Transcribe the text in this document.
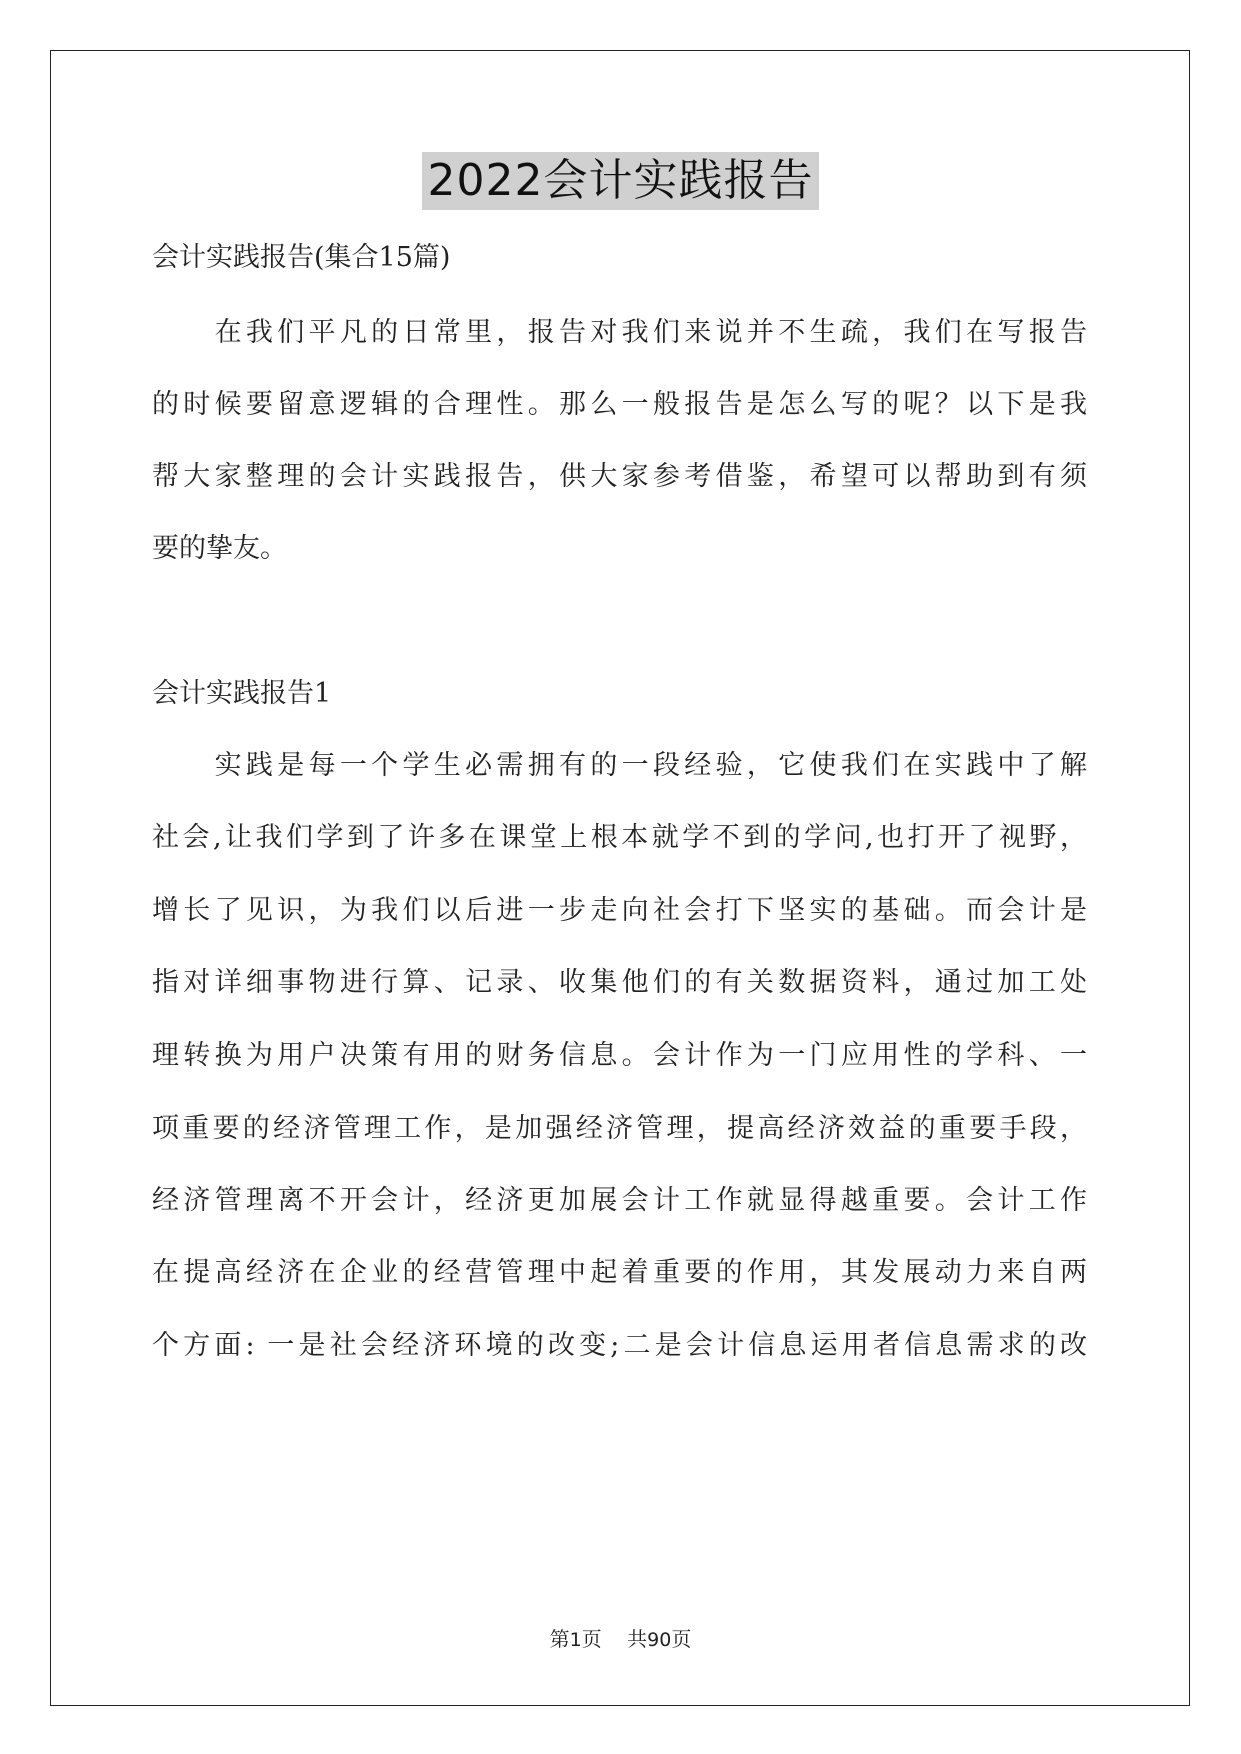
2022会计实践报告
会计实践报告(集合15篇)
　　在我们平凡的日常里，报告对我们来说并不生疏，我们在写报告
的时候要留意逻辑的合理性。那么一般报告是怎么写的呢？以下是我
帮大家整理的会计实践报告，供大家参考借鉴，希望可以帮助到有须
要的挚友。
会计实践报告1
　　实践是每一个学生必需拥有的一段经验，它使我们在实践中了解
社会,让我们学到了许多在课堂上根本就学不到的学问,也打开了视野，
增长了见识，为我们以后进一步走向社会打下坚实的基础。而会计是
指对详细事物进行算、记录、收集他们的有关数据资料，通过加工处
理转换为用户决策有用的财务信息。会计作为一门应用性的学科、一
项重要的经济管理工作，是加强经济管理，提高经济效益的重要手段，
经济管理离不开会计，经济更加展会计工作就显得越重要。会计工作
在提高经济在企业的经营管理中起着重要的作用，其发展动力来自两
个方面: 一是社会经济环境的改变;二是会计信息运用者信息需求的改
第1页 共90页
